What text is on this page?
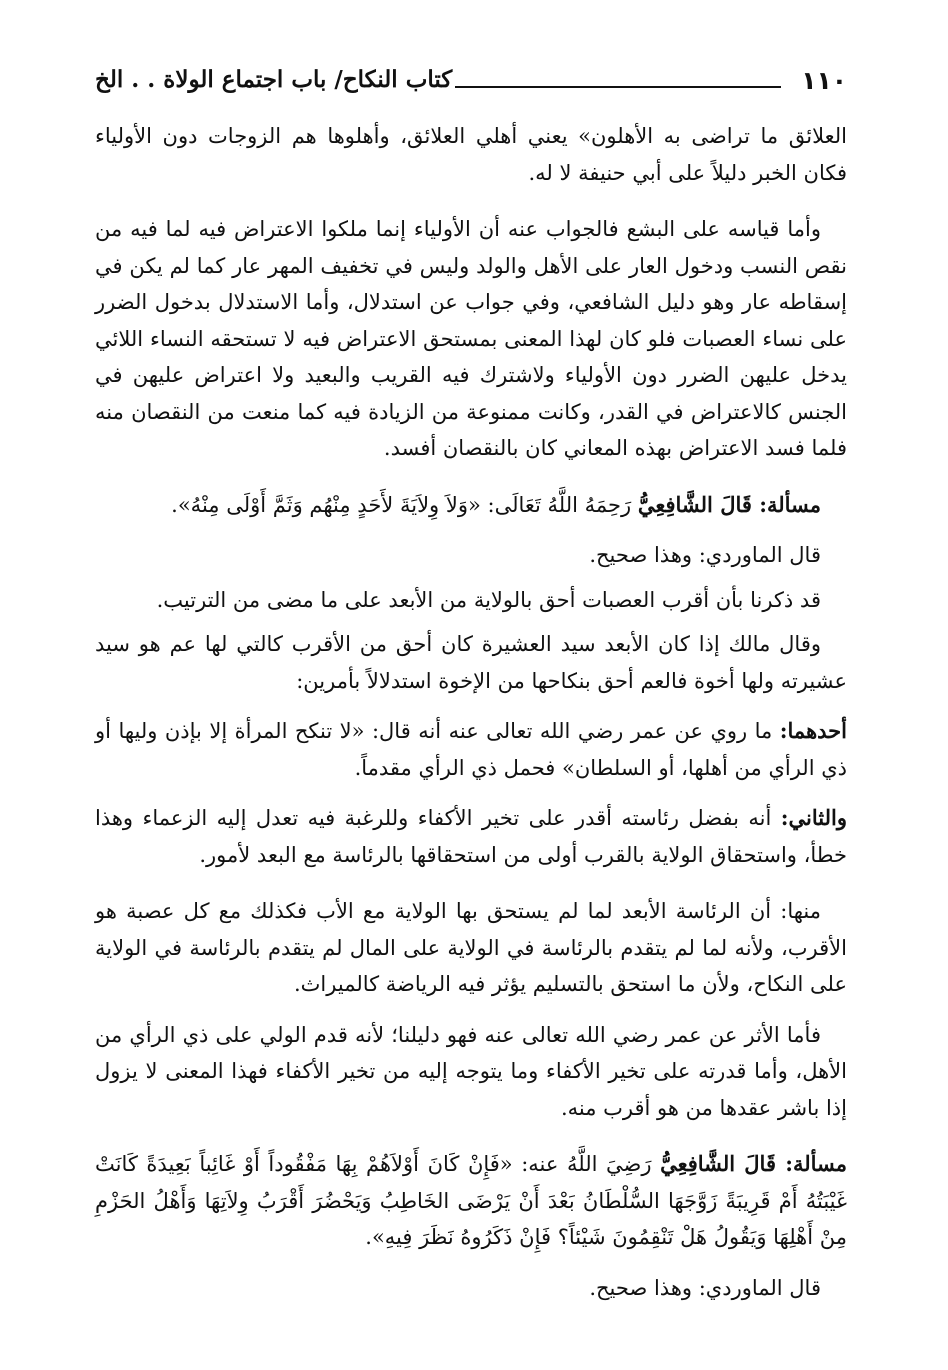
١١٠
كتاب النكاح/ باب اجتماع الولاة . . الخ

العلائق ما تراضى به الأهلون» يعني أهلي العلائق، وأهلوها هم الزوجات دون الأولياء فكان الخبر دليلاً على أبي حنيفة لا له.

وأما قياسه على البشع فالجواب عنه أن الأولياء إنما ملكوا الاعتراض فيه لما فيه من نقص النسب ودخول العار على الأهل والولد وليس في تخفيف المهر عار كما لم يكن في إسقاطه عار وهو دليل الشافعي، وفي جواب عن استدلال، وأما الاستدلال بدخول الضرر على نساء العصبات فلو كان لهذا المعنى بمستحق الاعتراض فيه لا تستحقه النساء اللائي يدخل عليهن الضرر دون الأولياء ولاشترك فيه القريب والبعيد ولا اعتراض عليهن في الجنس كالاعتراض في القدر، وكانت ممنوعة من الزيادة فيه كما منعت من النقصان منه فلما فسد الاعتراض بهذه المعاني كان بالنقصان أفسد.

مسألة: قَالَ الشَّافِعِيُّ رَحِمَهُ اللَّهُ تَعَالَى: «وَلاَ وِلاَيَةَ لأَحَدٍ مِنْهُم وَثَمَّ أَوْلَى مِنْهُ».

قال الماوردي: وهذا صحيح.

قد ذكرنا بأن أقرب العصبات أحق بالولاية من الأبعد على ما مضى من الترتيب.

وقال مالك إذا كان الأبعد سيد العشيرة كان أحق من الأقرب كالتي لها عم هو سيد عشيرته ولها أخوة فالعم أحق بنكاحها من الإخوة استدلالاً بأمرين:

أحدهما: ما روي عن عمر رضي الله تعالى عنه أنه قال: «لا تنكح المرأة إلا بإذن وليها أو ذي الرأي من أهلها، أو السلطان» فحمل ذي الرأي مقدماً.

والثاني: أنه بفضل رئاسته أقدر على تخير الأكفاء وللرغبة فيه تعدل إليه الزعماء وهذا خطأ، واستحقاق الولاية بالقرب أولى من استحقاقها بالرئاسة مع البعد لأمور.

منها: أن الرئاسة الأبعد لما لم يستحق بها الولاية مع الأب فكذلك مع كل عصبة هو الأقرب، ولأنه لما لم يتقدم بالرئاسة في الولاية على المال لم يتقدم بالرئاسة في الولاية على النكاح، ولأن ما استحق بالتسليم يؤثر فيه الرياضة كالميراث.

فأما الأثر عن عمر رضي الله تعالى عنه فهو دليلنا؛ لأنه قدم الولي على ذي الرأي من الأهل، وأما قدرته على تخير الأكفاء وما يتوجه إليه من تخير الأكفاء فهذا المعنى لا يزول إذا باشر عقدها من هو أقرب منه.

مسألة: قَالَ الشَّافِعِيُّ رَضِيَ اللَّهُ عنه: «فَإِنْ كَانَ أَوْلاَهُمْ بِهَا مَفْقُوداً أَوْ غَائِباً بَعِيدَةً كَانَتْ غَيْبَتُهُ أَمْ قَرِيبَةً زَوَّجَهَا السُّلْطَانُ بَعْدَ أَنْ يَرْضَى الخَاطِبُ وَيَحْضُرَ أَقْرَبُ وِلاَتِهَا وَأَهْلُ الحَزْمِ مِنْ أَهْلِهَا وَيَقُولُ هَلْ تَنْقِمُونَ شَيْئاً؟ فَإِنْ ذَكَرُوهُ نَظَرَ فِيهِ».

قال الماوردي: وهذا صحيح.
